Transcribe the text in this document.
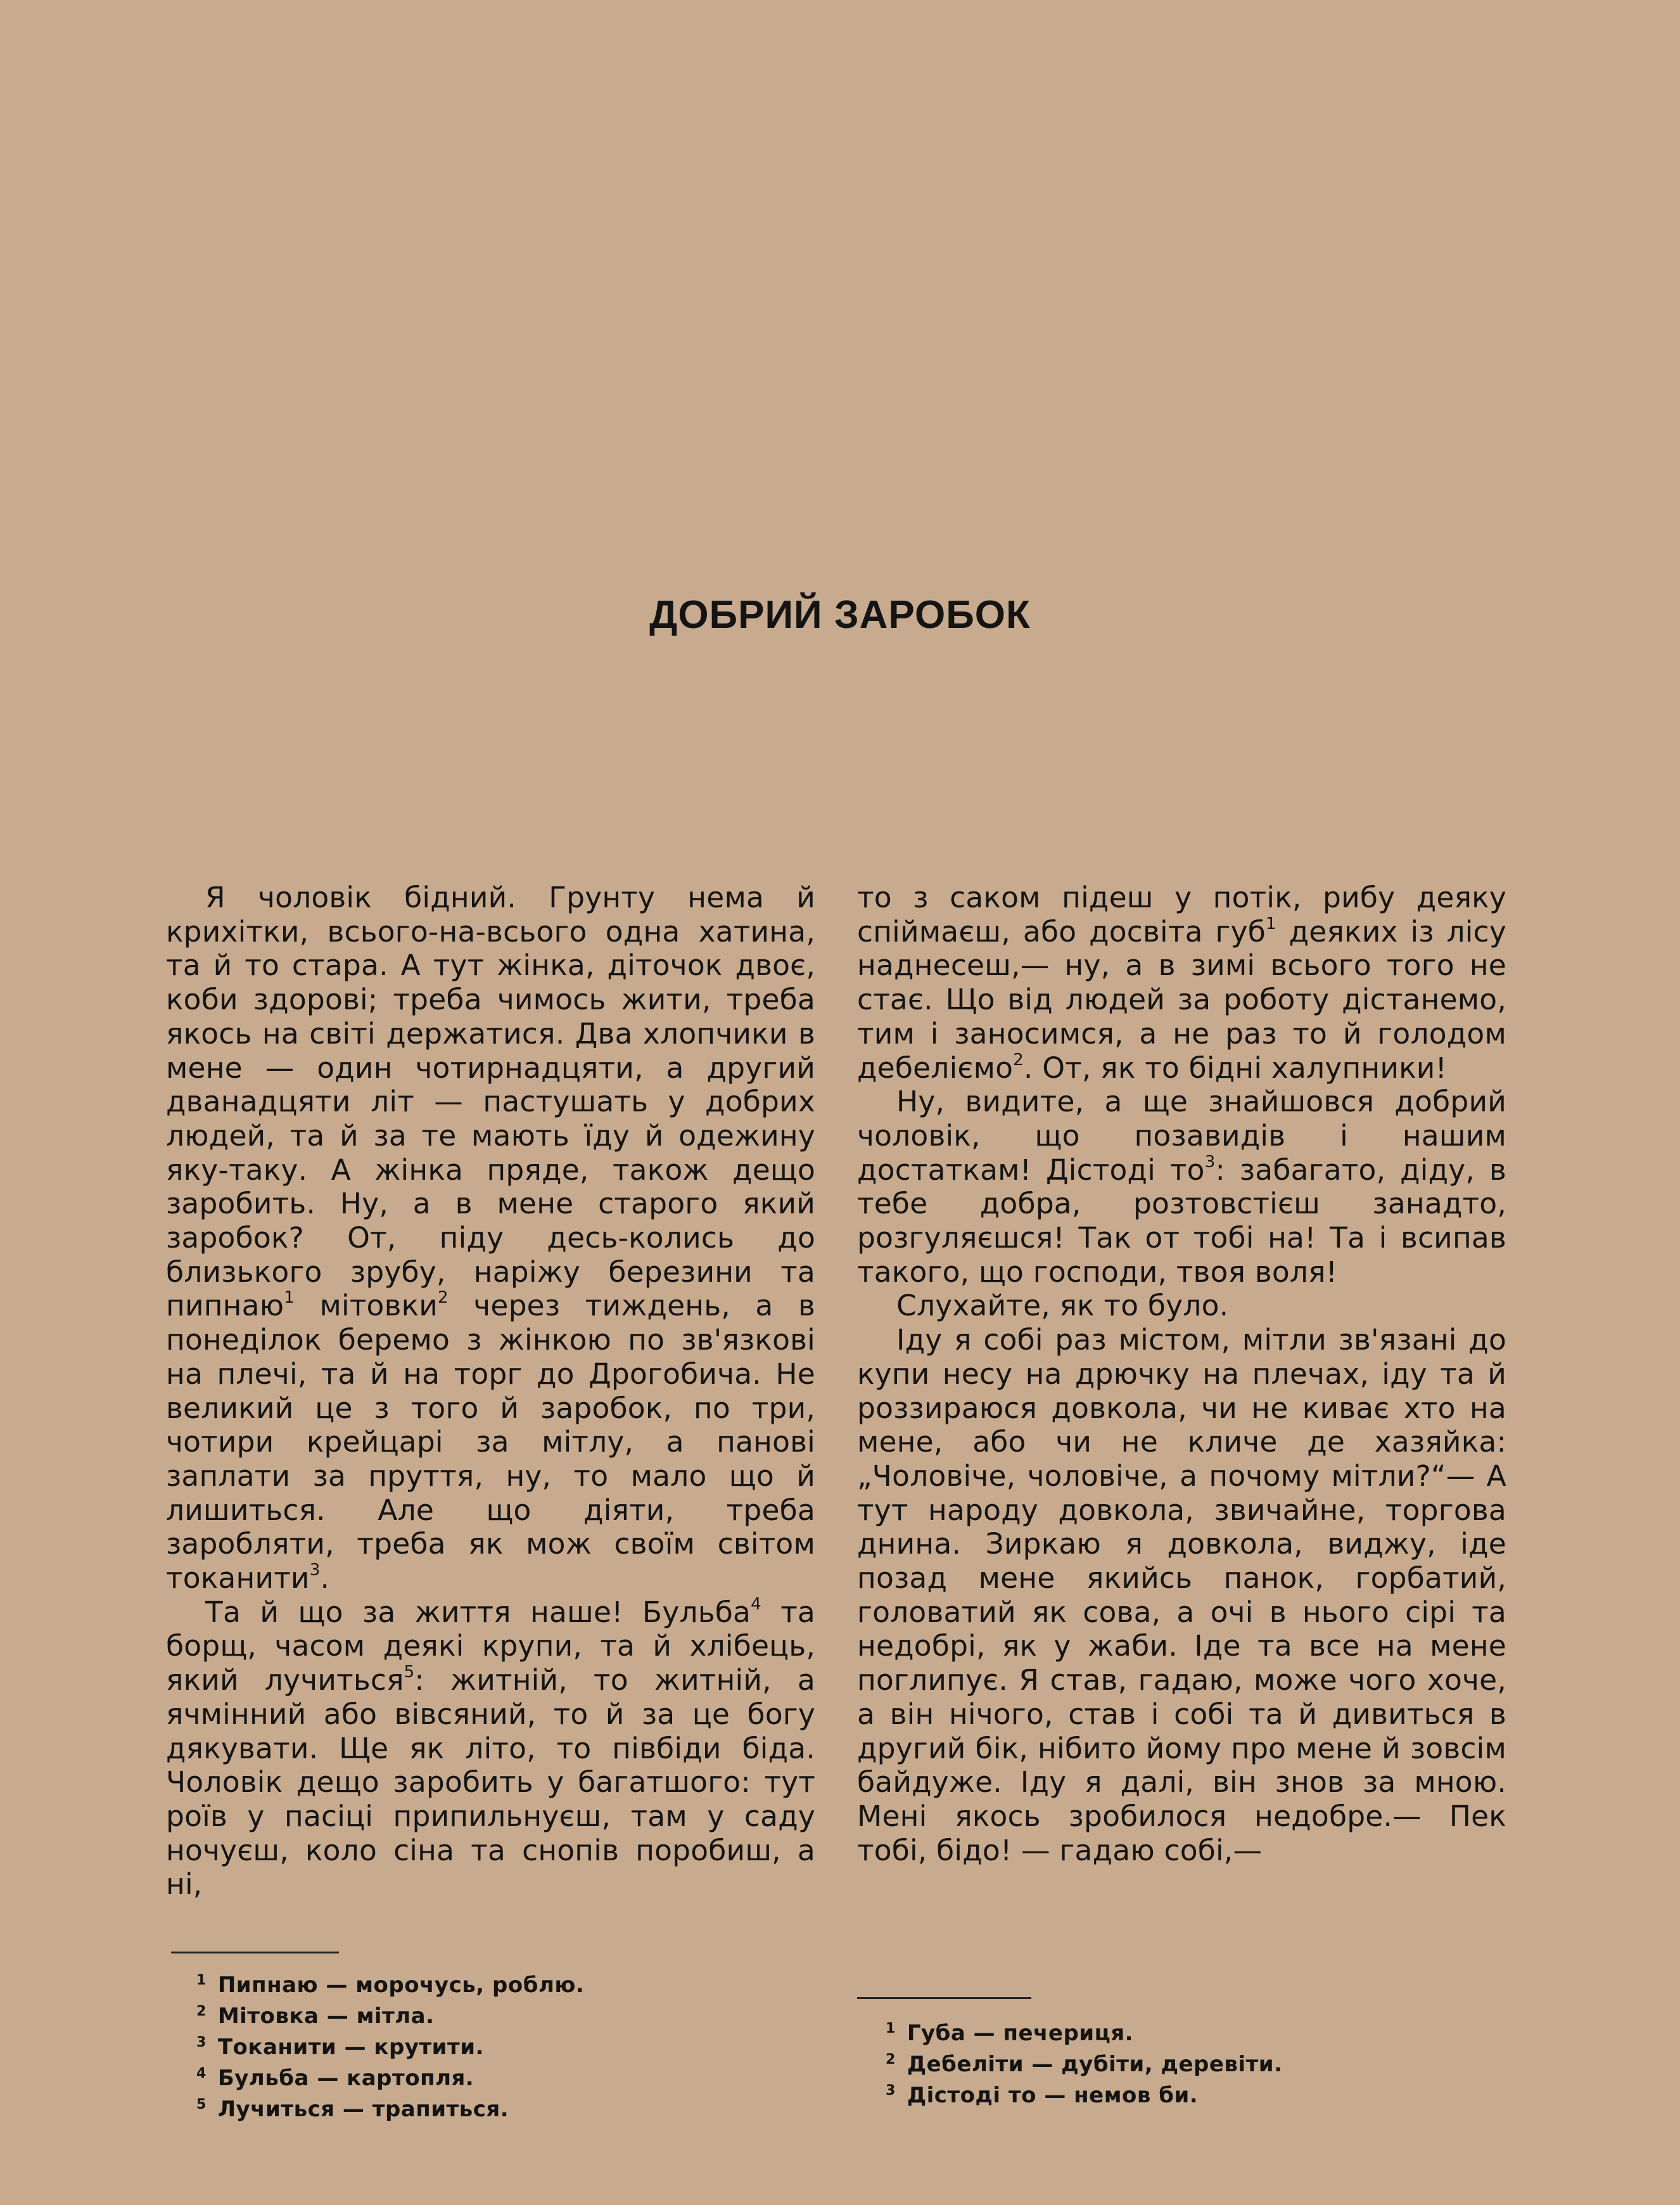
ДОБРИЙ ЗАРОБОК

Я чоловік бідний. Грунту нема й крихітки, всього-на-всього одна хатина, та й то стара. А тут жінка, діточок двоє, коби здорові; треба чимось жити, треба якось на світі держатися. Два хлопчики в мене — один чотирнадцяти, а другий дванадцяти літ — пастушать у добрих людей, та й за те мають їду й одежину яку-таку. А жінка пряде, також дещо заробить. Ну, а в мене старого який заробок? От, піду десь-колись до близького зрубу, наріжу березини та пипнаю$^1$ мітовки$^2$ через тиждень, а в понеділок беремо з жінкою по зв'язкові на плечі, та й на торг до Дрогобича. Не великий це з того й заробок, по три, чотири крейцарі за мітлу, а панові заплати за пруття, ну, то мало що й лишиться. Але що діяти, треба заробляти, треба як мож своїм світом токанити$^3$.

Та й що за життя наше! Бульба$^4$ та борщ, часом деякі крупи, та й хлібець, який лучиться$^5$: житній, то житній, а ячмінний або вівсяний, то й за це богу дякувати. Ще як літо, то півбіди біда. Чоловік дещо заробить у багатшого: тут роїв у пасіці припильнуєш, там у саду ночуєш, коло сіна та снопів поробиш, а ні,

то з саком підеш у потік, рибу деяку спіймаєш, або досвіта губ$^1$ деяких із лісу наднесеш,— ну, а в зимі всього того не стає. Що від людей за роботу дістанемо, тим і заносимся, а не раз то й голодом дебеліємо$^2$. От, як то бідні халупники!

Ну, видите, а ще знайшовся добрий чоловік, що позавидів і нашим достаткам! Дістоді $то^3$: забагато, діду, в тебе добра, розтовстієш занадто, розгуляєшся! Так от тобі на! Та і всипав такого, що господи, твоя воля!

Слухайте, як то було.

Іду я собі раз містом, мітли зв'язані до купи несу на дрючку на плечах, іду та й роззираюся довкола, чи не киває хто на мене, або чи не кличе де хазяйка: „Чоловіче, чоловіче, а почому мітли?“— А тут народу довкола, звичайне, торгова днина. Зиркаю я довкола, виджу, іде позад мене якийсь панок, горбатий, головатий як сова, а очі в нього сірі та недобрі, як у жаби. Іде та все на мене поглипує. Я став, гадаю, може чого хоче, а він нічого, став і собі та й дивиться в другий бік, нібито йому про мене й зовсім байдуже. Іду я далі, він знов за мною. Мені якось зробилося недобре.— Пек тобі, бідо! — гадаю собі,—

$^1$ Пипнаю — морочусь, роблю.
$^2$ Мітовка — мітла.
$^3$ Токанити — крутити.
$^4$ Бульба — картопля.
$^5$ Лучиться — трапиться.
$^1$ Губа — печериця.
$^2$ Дебеліти — дубіти, деревіти.
$^3$ Дістоді то — немов би.
